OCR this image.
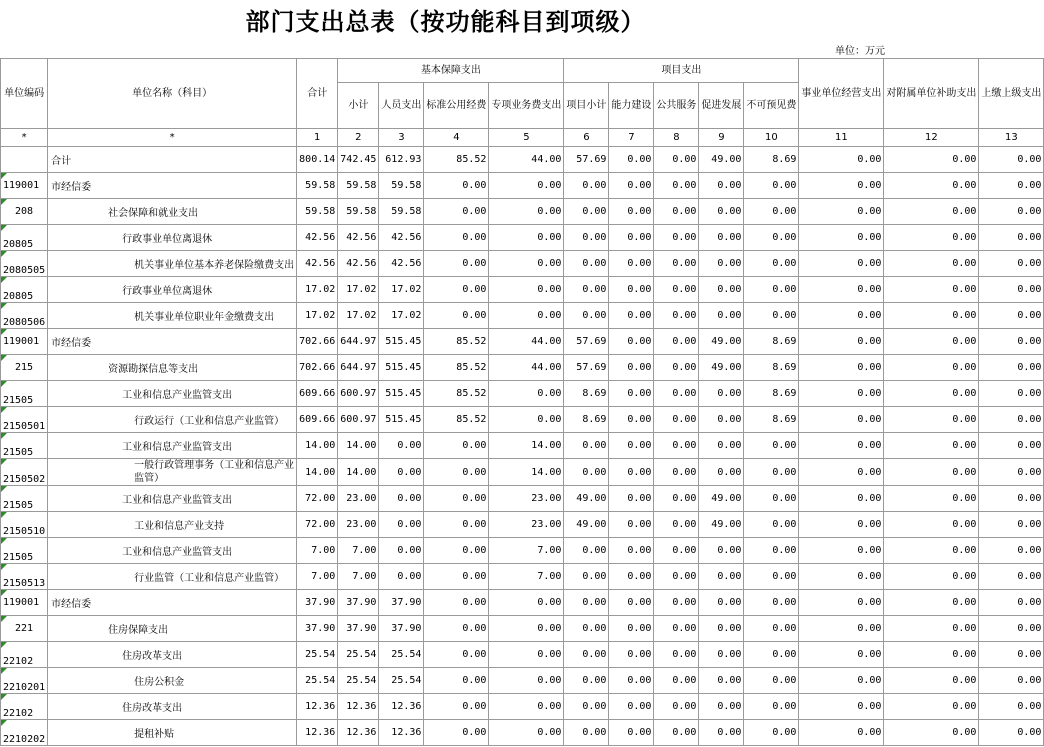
部门支出总表（按功能科目到项级）
单位：万元
单位编码	单位名称（科目）	合计	基本保障支出				项目支出					事业单位经营支出	对附属单位补助支出	上缴上级支出
			小计	人员支出	标准公用经费	专项业务费支出	项目小计	能力建设	公共服务	促进发展	不可预见费			
*	*	1	2	3	4	5	6	7	8	9	10	11	12	13
	合计	800.14	742.45	612.93	85.52	44.00	57.69	0.00	0.00	49.00	8.69	0.00	0.00	0.00
119001	市经信委	59.58	59.58	59.58	0.00	0.00	0.00	0.00	0.00	0.00	0.00	0.00	0.00	0.00
208	社会保障和就业支出	59.58	59.58	59.58	0.00	0.00	0.00	0.00	0.00	0.00	0.00	0.00	0.00	0.00
20805	行政事业单位离退休	42.56	42.56	42.56	0.00	0.00	0.00	0.00	0.00	0.00	0.00	0.00	0.00	0.00
2080505	机关事业单位基本养老保险缴费支出	42.56	42.56	42.56	0.00	0.00	0.00	0.00	0.00	0.00	0.00	0.00	0.00	0.00
20805	行政事业单位离退休	17.02	17.02	17.02	0.00	0.00	0.00	0.00	0.00	0.00	0.00	0.00	0.00	0.00
2080506	机关事业单位职业年金缴费支出	17.02	17.02	17.02	0.00	0.00	0.00	0.00	0.00	0.00	0.00	0.00	0.00	0.00
119001	市经信委	702.66	644.97	515.45	85.52	44.00	57.69	0.00	0.00	49.00	8.69	0.00	0.00	0.00
215	资源勘探信息等支出	702.66	644.97	515.45	85.52	44.00	57.69	0.00	0.00	49.00	8.69	0.00	0.00	0.00
21505	工业和信息产业监管支出	609.66	600.97	515.45	85.52	0.00	8.69	0.00	0.00	0.00	8.69	0.00	0.00	0.00
2150501	行政运行（工业和信息产业监管）	609.66	600.97	515.45	85.52	0.00	8.69	0.00	0.00	0.00	8.69	0.00	0.00	0.00
21505	工业和信息产业监管支出	14.00	14.00	0.00	0.00	14.00	0.00	0.00	0.00	0.00	0.00	0.00	0.00	0.00
2150502	一般行政管理事务（工业和信息产业监管）	14.00	14.00	0.00	0.00	14.00	0.00	0.00	0.00	0.00	0.00	0.00	0.00	0.00
21505	工业和信息产业监管支出	72.00	23.00	0.00	0.00	23.00	49.00	0.00	0.00	49.00	0.00	0.00	0.00	0.00
2150510	工业和信息产业支持	72.00	23.00	0.00	0.00	23.00	49.00	0.00	0.00	49.00	0.00	0.00	0.00	0.00
21505	工业和信息产业监管支出	7.00	7.00	0.00	0.00	7.00	0.00	0.00	0.00	0.00	0.00	0.00	0.00	0.00
2150513	行业监管（工业和信息产业监管）	7.00	7.00	0.00	0.00	7.00	0.00	0.00	0.00	0.00	0.00	0.00	0.00	0.00
119001	市经信委	37.90	37.90	37.90	0.00	0.00	0.00	0.00	0.00	0.00	0.00	0.00	0.00	0.00
221	住房保障支出	37.90	37.90	37.90	0.00	0.00	0.00	0.00	0.00	0.00	0.00	0.00	0.00	0.00
22102	住房改革支出	25.54	25.54	25.54	0.00	0.00	0.00	0.00	0.00	0.00	0.00	0.00	0.00	0.00
2210201	住房公积金	25.54	25.54	25.54	0.00	0.00	0.00	0.00	0.00	0.00	0.00	0.00	0.00	0.00
22102	住房改革支出	12.36	12.36	12.36	0.00	0.00	0.00	0.00	0.00	0.00	0.00	0.00	0.00	0.00
2210202	提租补贴	12.36	12.36	12.36	0.00	0.00	0.00	0.00	0.00	0.00	0.00	0.00	0.00	0.00
